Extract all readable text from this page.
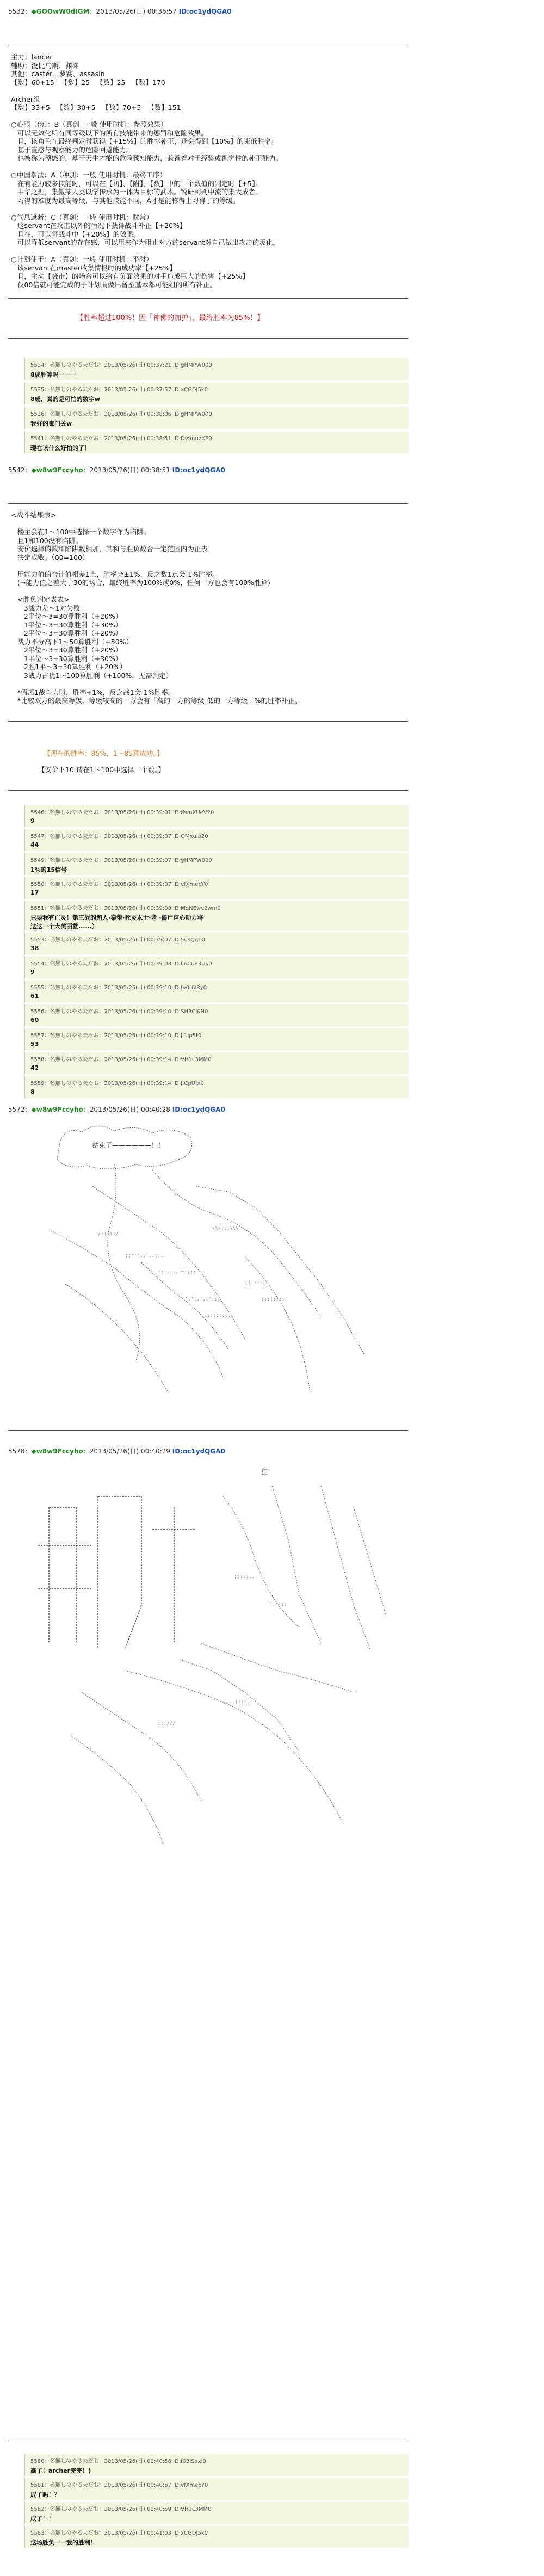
5532：◆GOOwW0dIGM：2013/05/26(日) 00:36:57 ID:oc1ydQGA0
主力：lancer
辅助：没比乌斯、渊渊
其他：caster、萝赛、assasin
【数】60+15   【数】25   【数】25   【数】170
Archer组
【数】33+5   【数】30+5   【数】70+5   【数】151
○心眼（伪）：B（真剑  一般 使用时机：参照效果）
可以无效化所有同等级以下的所有技能带来的惩罚和危险效果。
且，该角色在最终判定时获得【+15%】的胜率补正，还会得到【10%】的嵬低胜率。
基于直感与观察能力的危险回避能力。
也被称为预感的，基于天生才能的危险预知能力，兼备着对于经验或视觉性的补正能力。
○中国拳法：A（种别：一般 使用时机：最终工序）
在有能力较多技能时，可以在【初】、【附】、【数】中的一个数值的判定时【+5】。
中华之理，集傲某人类以学传承为一体为目标的武术。锐研到判中流的集大成者。
习得的难度为最高等级，与其他技能不同，A才是能称得上习得了的等级。
○气息遮断：C（真剑：一般 使用时机：时常）
这servant在攻击以外的情况下获得战斗补正【+20%】
且在，可以将战斗中【+20%】的效果。
可以降低servant的存在感，可以用来作为阻止对方的servant对自己做出攻击的灵化。
○计划使于：A（真剑：一般 使用时机：平时）
该servant在master收集情报时的成功率【+25%】
且，主动【袭击】的场合可以给有负面效果的对手造成巨大的伤害【+25%】
仅00倍就可能完成的于计划而做出备至基本都可能组的所有补正。
【胜率超过100%！因「神佛的加护」，最终胜率为85%！】
5534：名無しのやる夫だお：2013/05/26(日) 00:37:21 ID:gHMPW000
8成胜算吗一一一
5535：名無しのやる夫だお：2013/05/26(日) 00:37:57 ID:xCGDJ5k0
8成，真的是可怕的数字w
5536：名無しのやる夫だお：2013/05/26(日) 00:38:06 ID:gHMPW000
我好的鬼门关w
5541：名無しのやる夫だお：2013/05/26(日) 00:38:51 ID:Dv9nuzXE0
现在该什么好怕的了！
5542：◆w8w9Fccyho：2013/05/26(日) 00:38:51 ID:oc1ydQGA0
<战斗结果表>
楼主会在1～100中选择一个数字作为陷阱。
且1和100没有陷阱。
安价选择的数和陷阱数相加，其和与胜负数合一定范围内为正表
决定成败。（00=100）
用能力值的合计值相差1点，胜率会±1%，反之数1点会-1%胜率。
(→能力值之差大于30的场合，最终胜率为100%或0%，任何一方也会有100%胜算)
<胜负判定表表>
3战力差～1对失败
2平位～3=30算胜利（+20%）
1平位～3=30算胜利（+30%）
2平位～3=30算胜利（+20%）
战力不分高下1～50算胜利（+50%）
2平位～3=30算胜利（+20%）
1平位～3=30算胜利（+30%）
2胜1平～3=30算胜利（+20%）
3战力占优1～100算胜利（+100%，无需判定）
*假离1战斗力时，胜率+1%，反之战1会-1%胜率。
*比较双方的最高等级，等级较高的一方会有「高的一方的等级-低的一方等级」%的胜率补正。
【现在的胜率：85%，1～85算成功。】
【安价下10 请在1～100中选择一个数。】
5546：名無しのやる夫だお：2013/05/26(日) 00:39:01 ID:dsmXUeV20
9
5547：名無しのやる夫だお：2013/05/26(日) 00:39:07 ID:OMxuio20
44
5549：名無しのやる夫だお：2013/05/26(日) 00:39:07 ID:gHMPW000
1%的15信号
5550：名無しのやる夫だお：2013/05/26(日) 00:39:07 ID:vfXmecY0
17
5551：名無しのやる夫だお：2013/05/26(日) 00:39:08 ID:MqNEwv2wm0
只要我有亡灵！第三战的超人·秦帮·死灵术士·老 ·僵尸声心动力将
这这一个大美丽就......）
5553：名無しのやる夫だお：2013/05/26(日) 00:39:07 ID:5qsQqp0
38
5554：名無しのやる夫だお：2013/05/26(日) 00:39:08 ID:IlnCuE3Uk0
9
5555：名無しのやる夫だお：2013/05/26(日) 00:39:10 ID:fv0r6iRy0
61
5556：名無しのやる夫だお：2013/05/26(日) 00:39:10 ID:SH3Cl0N0
60
5557：名無しのやる夫だお：2013/05/26(日) 00:39:10 ID:JJ1Jp5t0
53
5558：名無しのやる夫だお：2013/05/26(日) 00:39:14 ID:VH1L3MM0
42
5559：名無しのやる夫だお：2013/05/26(日) 00:39:14 ID:lfCpUfx0
8
5572：◆w8w9Fccyho：2013/05/26(日) 00:40:28 ID:oc1ydQGA0
;;'''..'..;;..
:::..,,::;;::
',',,',,',;;
..::;;:::..
|||:::||
;;;|:::;
/:::::/
\\\:::\\\
结束了——————！！
5578：◆w8w9Fccyho：2013/05/26(日) 00:40:29 ID:oc1ydQGA0
;;:::..
'''::;;
,,..;;::..
:::///
江
5580：名無しのやる夫だお：2013/05/26(日) 00:40:58 ID:f03iSaxl0
赢了！archer完完！)
5581：名無しのやる夫だお：2013/05/26(日) 00:40:57 ID:vfXmecY0
成了吗！？
5582：名無しのやる夫だお：2013/05/26(日) 00:40:59 ID:VH1L3MM0
成了！！
5583：名無しのやる夫だお：2013/05/26(日) 00:41:03 ID:xCGDJ5k0
这场胜负一一我的胜利！
